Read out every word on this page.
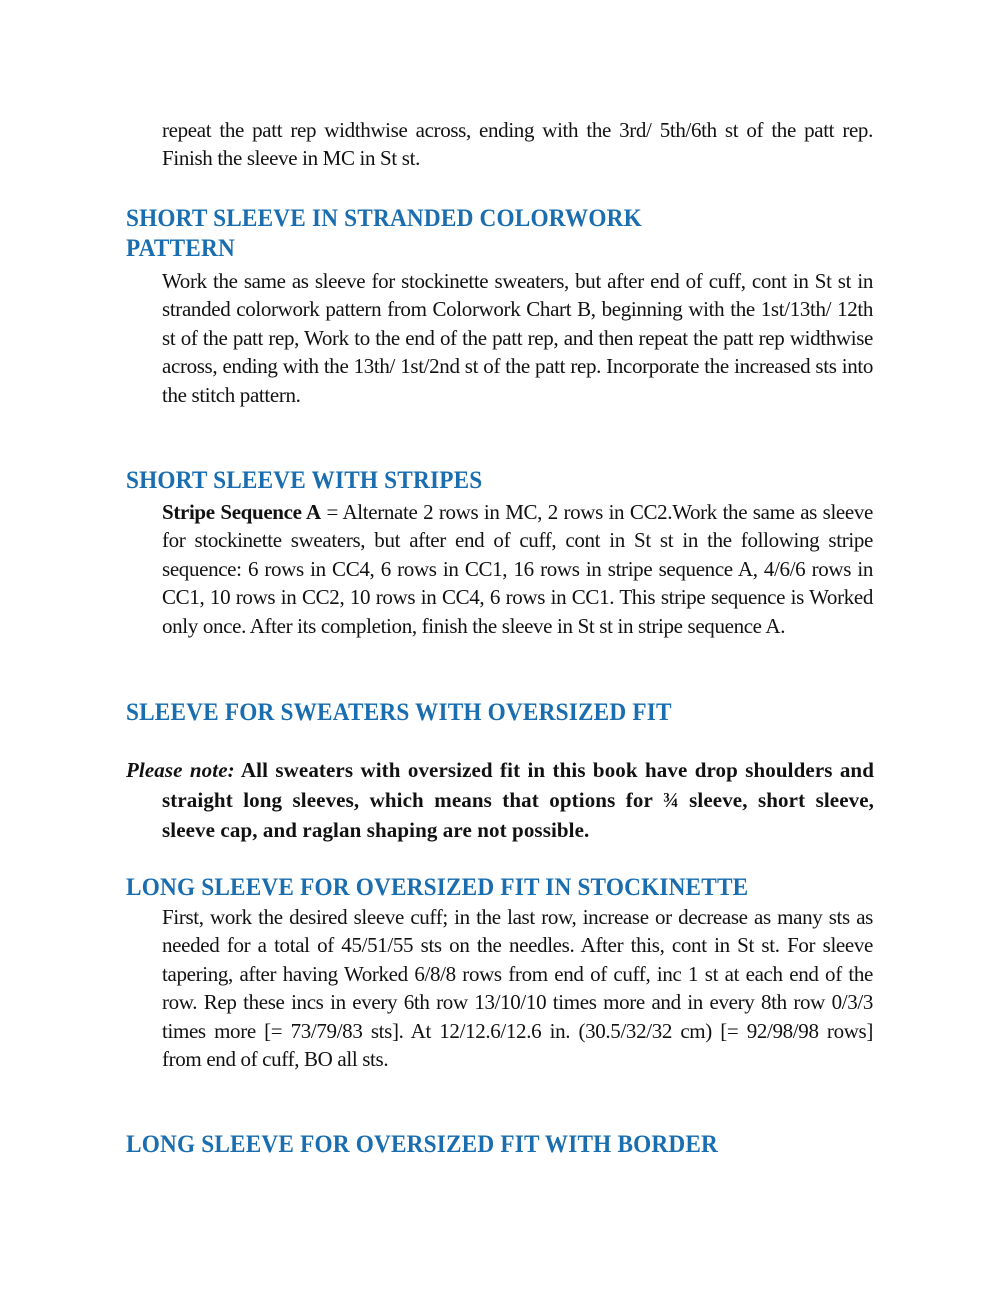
repeat the patt rep widthwise across, ending with the 3rd/ 5th/6th st of the patt rep. Finish the sleeve in MC in St st.

SHORT SLEEVE IN STRANDED COLORWORK
PATTERN

Work the same as sleeve for stockinette sweaters, but after end of cuff, cont in St st in stranded colorwork pattern from Colorwork Chart B, beginning with the 1st/13th/ 12th st of the patt rep, Work to the end of the patt rep, and then repeat the patt rep widthwise across, ending with the 13th/ 1st/2nd st of the patt rep. Incorporate the increased sts into the stitch pattern.

SHORT SLEEVE WITH STRIPES

Stripe Sequence A = Alternate 2 rows in MC, 2 rows in CC2.Work the same as sleeve for stockinette sweaters, but after end of cuff, cont in St st in the following stripe sequence: 6 rows in CC4, 6 rows in CC1, 16 rows in stripe sequence A, 4/6/6 rows in CC1, 10 rows in CC2, 10 rows in CC4, 6 rows in CC1. This stripe sequence is Worked only once. After its completion, finish the sleeve in St st in stripe sequence A.

SLEEVE FOR SWEATERS WITH OVERSIZED FIT

Please note: All sweaters with oversized fit in this book have drop shoulders and straight long sleeves, which means that options for ¾ sleeve, short sleeve, sleeve cap, and raglan shaping are not possible.

LONG SLEEVE FOR OVERSIZED FIT IN STOCKINETTE

First, work the desired sleeve cuff; in the last row, increase or decrease as many sts as needed for a total of 45/51/55 sts on the needles. After this, cont in St st. For sleeve tapering, after having Worked 6/8/8 rows from end of cuff, inc 1 st at each end of the row. Rep these incs in every 6th row 13/10/10 times more and in every 8th row 0/3/3 times more [= 73/79/83 sts]. At 12/12.6/12.6 in. (30.5/32/32 cm) [= 92/98/98 rows] from end of cuff, BO all sts.

LONG SLEEVE FOR OVERSIZED FIT WITH BORDER
